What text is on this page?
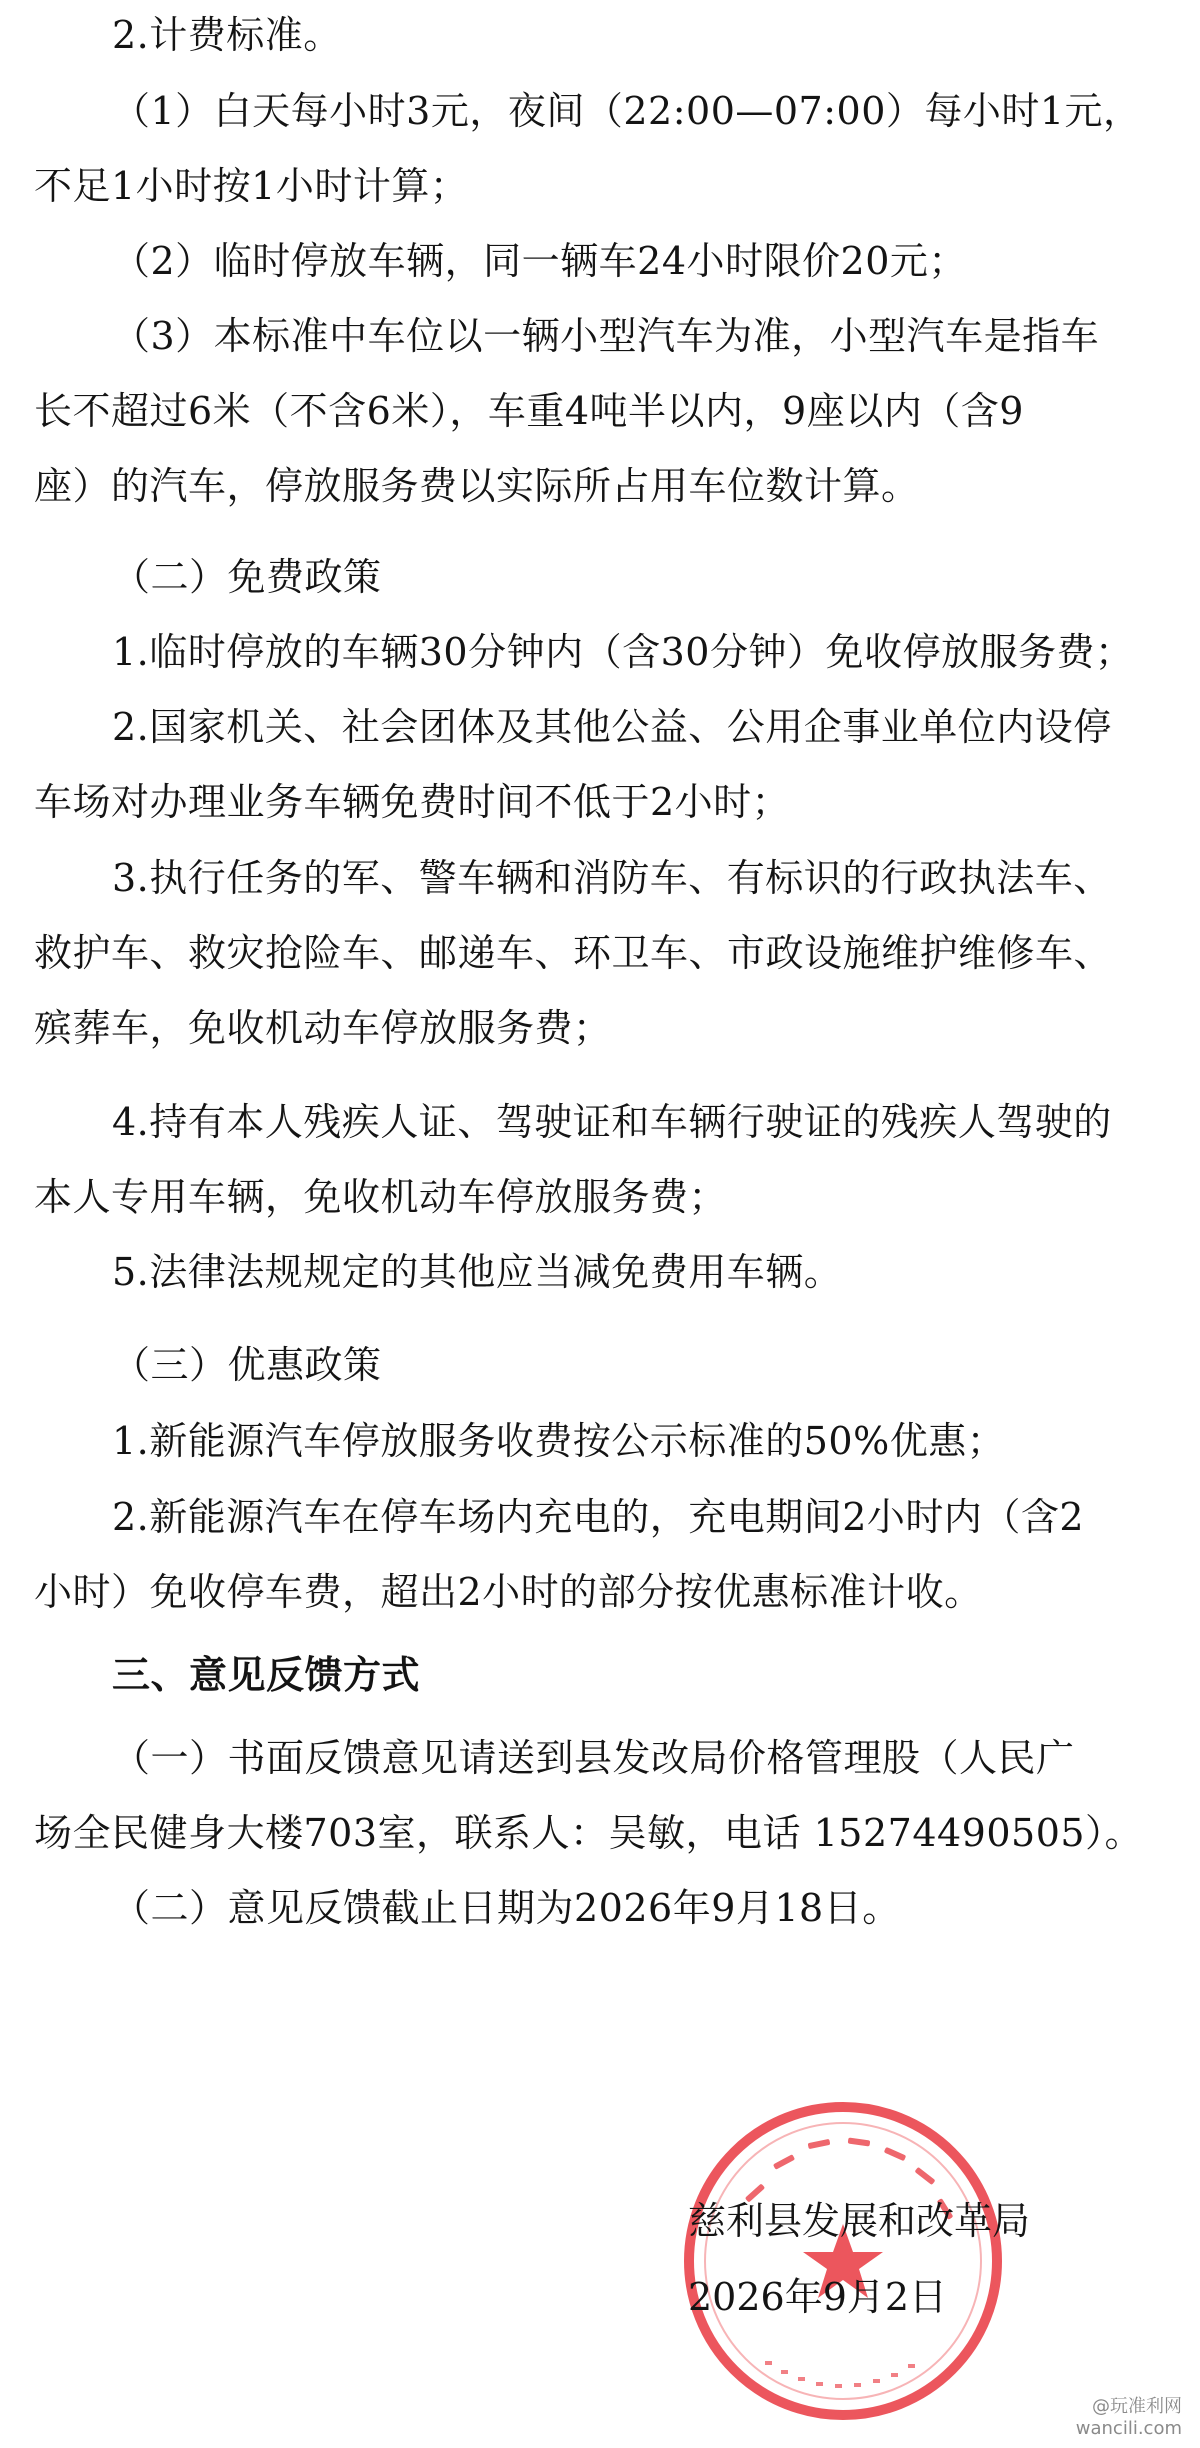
2.计费标准。
（1）白天每小时3元，夜间（22:00—07:00）每小时1元，
不足1小时按1小时计算；
（2）临时停放车辆，同一辆车24小时限价20元；
（3）本标准中车位以一辆小型汽车为准，小型汽车是指车
长不超过6米（不含6米），车重4吨半以内，9座以内（含9
座）的汽车，停放服务费以实际所占用车位数计算。
（二）免费政策
1.临时停放的车辆30分钟内（含30分钟）免收停放服务费；
2.国家机关、社会团体及其他公益、公用企事业单位内设停
车场对办理业务车辆免费时间不低于2小时；
3.执行任务的军、警车辆和消防车、有标识的行政执法车、
救护车、救灾抢险车、邮递车、环卫车、市政设施维护维修车、
殡葬车，免收机动车停放服务费；
4.持有本人残疾人证、驾驶证和车辆行驶证的残疾人驾驶的
本人专用车辆，免收机动车停放服务费；
5.法律法规规定的其他应当减免费用车辆。
（三）优惠政策
1.新能源汽车停放服务收费按公示标准的50%优惠；
2.新能源汽车在停车场内充电的，充电期间2小时内（含2
小时）免收停车费，超出2小时的部分按优惠标准计收。
三、意见反馈方式
（一）书面反馈意见请送到县发改局价格管理股（人民广
场全民健身大楼703室，联系人：吴敏，电话 15274490505）。
（二）意见反馈截止日期为2026年9月18日。
慈利县发展和改革局
2026年9月2日
@玩准利网
wancili.com
